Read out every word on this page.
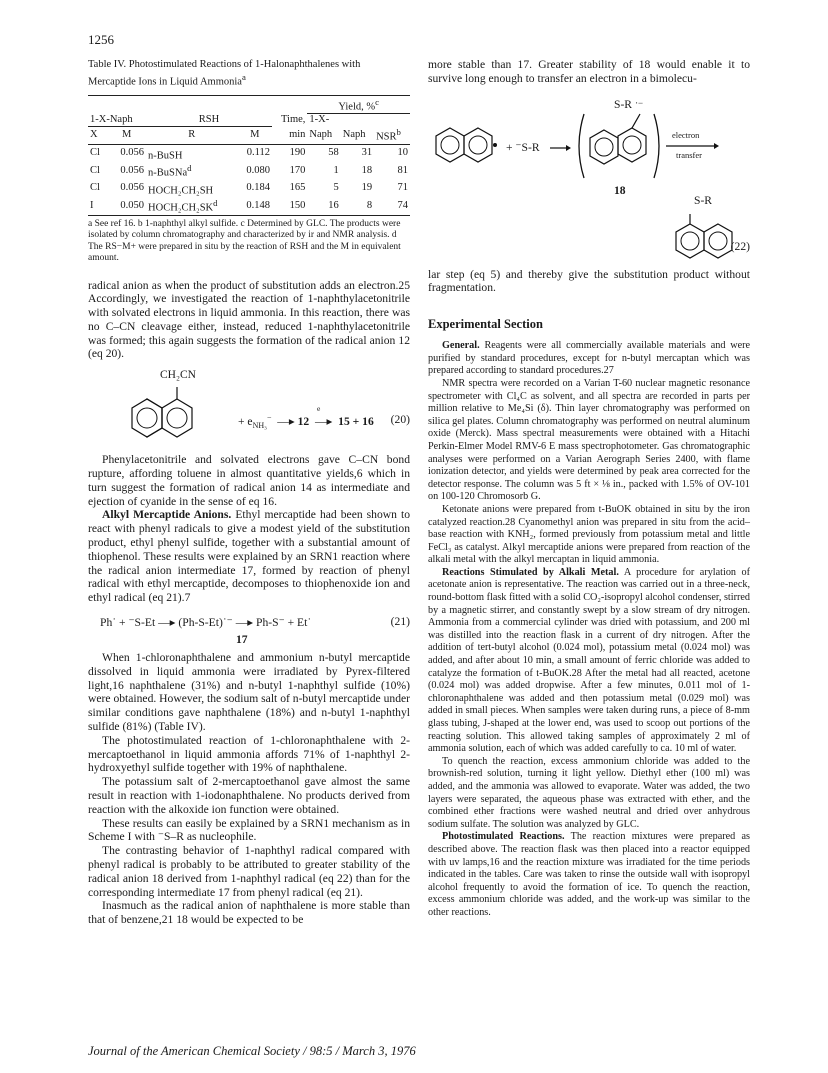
1256
Table IV. Photostimulated Reactions of 1-Halonaphthalenes with Mercaptide Ions in Liquid Ammonia$^a$
					Yield, %$^c$
1-X-Naph		RSH		Time,	1-X-		
X	M	R	M	min	Naph	Naph	NSR$^b$
Cl	0.056	n-BuSH	0.112	190	58	31	10
Cl	0.056	n-BuSNa$^d$	0.080	170	1	18	81
Cl	0.056	HOCH₂CH₂SH	0.184	165	5	19	71
I	0.050	$HOCH_2CH_2SK^d$	0.148	150	16	8	74
a See ref 16. b 1-naphthyl alkyl sulfide. c Determined by GLC. The products were isolated by column chromatography and characterized by ir and NMR analysis. d The RS−M+ were prepared in situ by the reaction of RSH and the M in equivalent amount.

radical anion as when the product of substitution adds an electron.25 Accordingly, we investigated the reaction of 1-naphthylacetonitrile with solvated electrons in liquid ammonia. In this reaction, there was no C–CN cleavage either, instead, reduced 1-naphthylacetonitrile was formed; this again suggests the formation of the radical anion 12 (eq 20).

CH₂CN
+ $e_{NH_3}^-$  —▸ 12
e
—▸  15 + 16 (20)

Phenylacetonitrile and solvated electrons gave C–CN bond rupture, affording toluene in almost quantitative yields,6 which in turn suggest the formation of radical anion 14 as intermediate and ejection of cyanide in the sense of eq 16.

Alkyl Mercaptide Anions. Ethyl mercaptide had been shown to react with phenyl radicals to give a modest yield of the substitution product, ethyl phenyl sulfide, together with a substantial amount of thiophenol. These results were explained by an SRN1 reaction where the radical anion intermediate 17, formed by reaction of phenyl radical with ethyl mercaptide, decomposes to thiophenoxide ion and ethyl radical (eq 21).7

Ph˙ + ⁻S-Et —▸ (Ph-S-Et)˙⁻ —▸ Ph-S⁻ + Et˙	(21)
17

When 1-chloronaphthalene and ammonium n-butyl mercaptide dissolved in liquid ammonia were irradiated by Pyrex-filtered light,16 naphthalene (31%) and n-butyl 1-naphthyl sulfide (10%) were obtained. However, the sodium salt of n-butyl mercaptide under similar conditions gave naphthalene (18%) and n-butyl 1-naphthyl sulfide (81%) (Table IV).

The photostimulated reaction of 1-chloronaphthalene with 2-mercaptoethanol in liquid ammonia affords 71% of 1-naphthyl 2-hydroxyethyl sulfide together with 19% of naphthalene.

The potassium salt of 2-mercaptoethanol gave almost the same result in reaction with 1-iodonaphthalene. No products derived from reaction with the alkoxide ion function were obtained.

These results can easily be explained by a SRN1 mechanism as in Scheme I with ⁻S–R as nucleophile.

The contrasting behavior of 1-naphthyl radical compared with phenyl radical is probably to be attributed to greater stability of the radical anion 18 derived from 1-naphthyl radical (eq 22) than for the corresponding intermediate 17 from phenyl radical (eq 21).

Inasmuch as the radical anion of naphthalene is more stable than that of benzene,21 18 would be expected to be

more stable than 17. Greater stability of 18 would enable it to survive long enough to transfer an electron in a bimolecu-

+ ⁻S-R
S-R ⋅−
electron
transfer
18
S-R
(22)

lar step (eq 5) and thereby give the substitution product without fragmentation.

Experimental Section

General. Reagents were all commercially available materials and were purified by standard procedures, except for n-butyl mercaptan which was prepared according to standard procedures.27

NMR spectra were recorded on a Varian T-60 nuclear magnetic resonance spectrometer with Cl₄C as solvent, and all spectra are recorded in parts per million relative to Me₄Si (δ). Thin layer chromatography was performed on silica gel plates. Column chromatography was performed on neutral aluminum oxide (Merck). Mass spectral measurements were obtained with a Hitachi Perkin-Elmer Model RMV-6 E mass spectrophotometer. Gas chromatographic analyses were performed on a Varian Aerograph Series 2400, with flame ionization detector, and yields were determined by peak area corrected for the detector response. The column was 5 ft × ⅛ in., packed with 1.5% of OV-101 on 100-120 Chromosorb G.

Ketonate anions were prepared from t-BuOK obtained in situ by the iron catalyzed reaction.28 Cyanomethyl anion was prepared in situ from the acid–base reaction with KNH₂, formed previously from potassium metal and little FeCl₃ as catalyst. Alkyl mercaptide anions were prepared from reaction of the alkali metal with the alkyl mercaptan in liquid ammonia.

Reactions Stimulated by Alkali Metal. A procedure for arylation of acetonate anion is representative. The reaction was carried out in a three-neck, round-bottom flask fitted with a solid CO₂-isopropyl alcohol condenser, stirred by a magnetic stirrer, and constantly swept by a slow stream of dry nitrogen. Ammonia from a commercial cylinder was dried with potassium, and 200 ml was distilled into the reaction flask in a current of dry nitrogen. After the addition of tert-butyl alcohol (0.024 mol), potassium metal (0.024 mol) was added, and after about 10 min, a small amount of ferric chloride was added to catalyze the formation of t-BuOK.28 After the metal had all reacted, acetone (0.024 mol) was added dropwise. After a few minutes, 0.011 mol of 1-chloronaphthalene was added and then potassium metal (0.029 mol) was added in small pieces. When samples were taken during runs, a piece of 8-mm glass tubing, J-shaped at the lower end, was used to scoop out portions of the reacting solution. This allowed taking samples of approximately 2 ml of ammonia solution, each of which was added carefully to ca. 10 ml of water.

To quench the reaction, excess ammonium chloride was added to the brownish-red solution, turning it light yellow. Diethyl ether (100 ml) was added, and the ammonia was allowed to evaporate. Water was added, the two layers were separated, the aqueous phase was extracted with ether, and the combined ether fractions were washed neutral and dried over anhydrous sodium sulfate. The solution was analyzed by GLC.

Photostimulated Reactions. The reaction mixtures were prepared as described above. The reaction flask was then placed into a reactor equipped with uv lamps,16 and the reaction mixture was irradiated for the time periods indicated in the tables. Care was taken to rinse the outside wall with isopropyl alcohol frequently to avoid the formation of ice. To quench the reaction, excess ammonium chloride was added, and the work-up was similar to the other reactions.

Journal of the American Chemical Society / 98:5 / March 3, 1976
